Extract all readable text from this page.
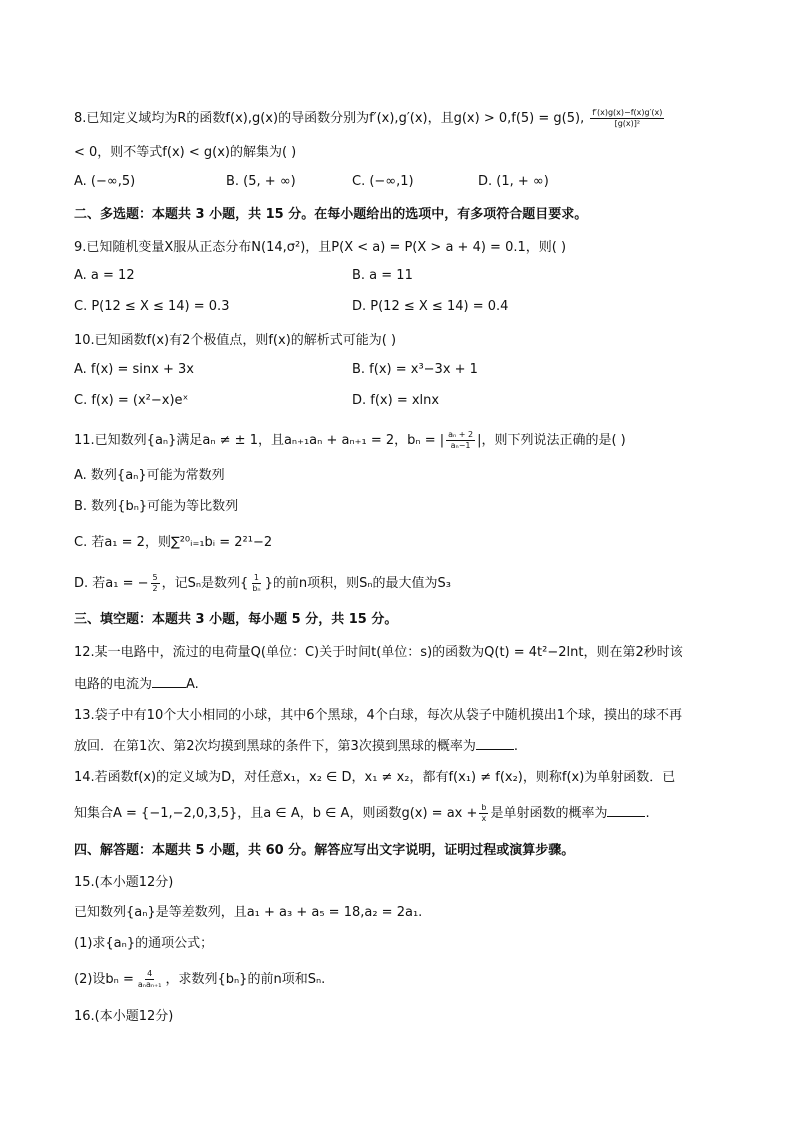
8.已知定义域均为R的函数f(x),g(x)的导函数分别为f′(x),g′(x)，且g(x) > 0,f(5) = g(5), $\frac{f'(x)g(x)-f(x)g'(x)}{\text{[g(x)]²}}$
< 0，则不等式f(x) < g(x)的解集为( )
A. (−∞,5)	B. (5, + ∞)	C. (−∞,1)	D. (1, + ∞)
二、多选题：本题共 3 小题，共 15 分。在每小题给出的选项中，有多项符合题目要求。
9.已知随机变量X服从正态分布N(14,σ²)，且P(X < a) = P(X > a + 4) = 0.1，则( )
A. a = 12	B. a = 11
C. P(12 ≤ X ≤ 14) = 0.3	D. P(12 ≤ X ≤ 14) = 0.4
10.已知函数f(x)有2个极值点，则f(x)的解析式可能为( )
A. f(x) = sinx + 3x	B. f(x) = x³−3x + 1
C. f(x) = (x²−x)eˣ	D. f(x) = xlnx
11.已知数列{aₙ}满足aₙ ≠ ± 1，且aₙ₊₁aₙ + aₙ₊₁ = 2，bₙ = | $\frac{\text{aₙ + 2}}{\text{aₙ−1}}$ |，则下列说法正确的是( )
A. 数列{aₙ}可能为常数列
B. 数列{bₙ}可能为等比数列
C. 若a₁ = 2，则∑²⁰ᵢ₌₁bᵢ = 2²¹−2
D. 若a₁ = − $\frac{5}{2}$ ，记Sₙ是数列{ $\frac{1}{\text{bₙ}}$ }的前n项积，则Sₙ的最大值为S₃
三、填空题：本题共 3 小题，每小题 5 分，共 15 分。
12.某一电路中，流过的电荷量Q(单位：C)关于时间t(单位：s)的函数为Q(t) = 4t²−2lnt，则在第2秒时该
电路的电流为	A.
13.袋子中有10个大小相同的小球，其中6个黑球，4个白球，每次从袋子中随机摸出1个球，摸出的球不再
放回．在第1次、第2次均摸到黑球的条件下，第3次摸到黑球的概率为	.
14.若函数f(x)的定义域为D，对任意x₁，x₂ ∈ D，x₁ ≠ x₂，都有f(x₁) ≠ f(x₂)，则称f(x)为单射函数．已
知集合A = {−1,−2,0,3,5}，且a ∈ A，b ∈ A，则函数g(x) = ax + $\frac{b}{x}$ 是单射函数的概率为	.
四、解答题：本题共 5 小题，共 60 分。解答应写出文字说明，证明过程或演算步骤。
15.(本小题12分)
已知数列{aₙ}是等差数列，且a₁ + a₃ + a₅ = 18,a₂ = 2a₁.
(1)求{aₙ}的通项公式；
(2)设$b_n = \frac{4}{\text{aₙaₙ₊₁}}$ ，求数列{bₙ}的前n项和Sₙ.
16.(本小题12分)
